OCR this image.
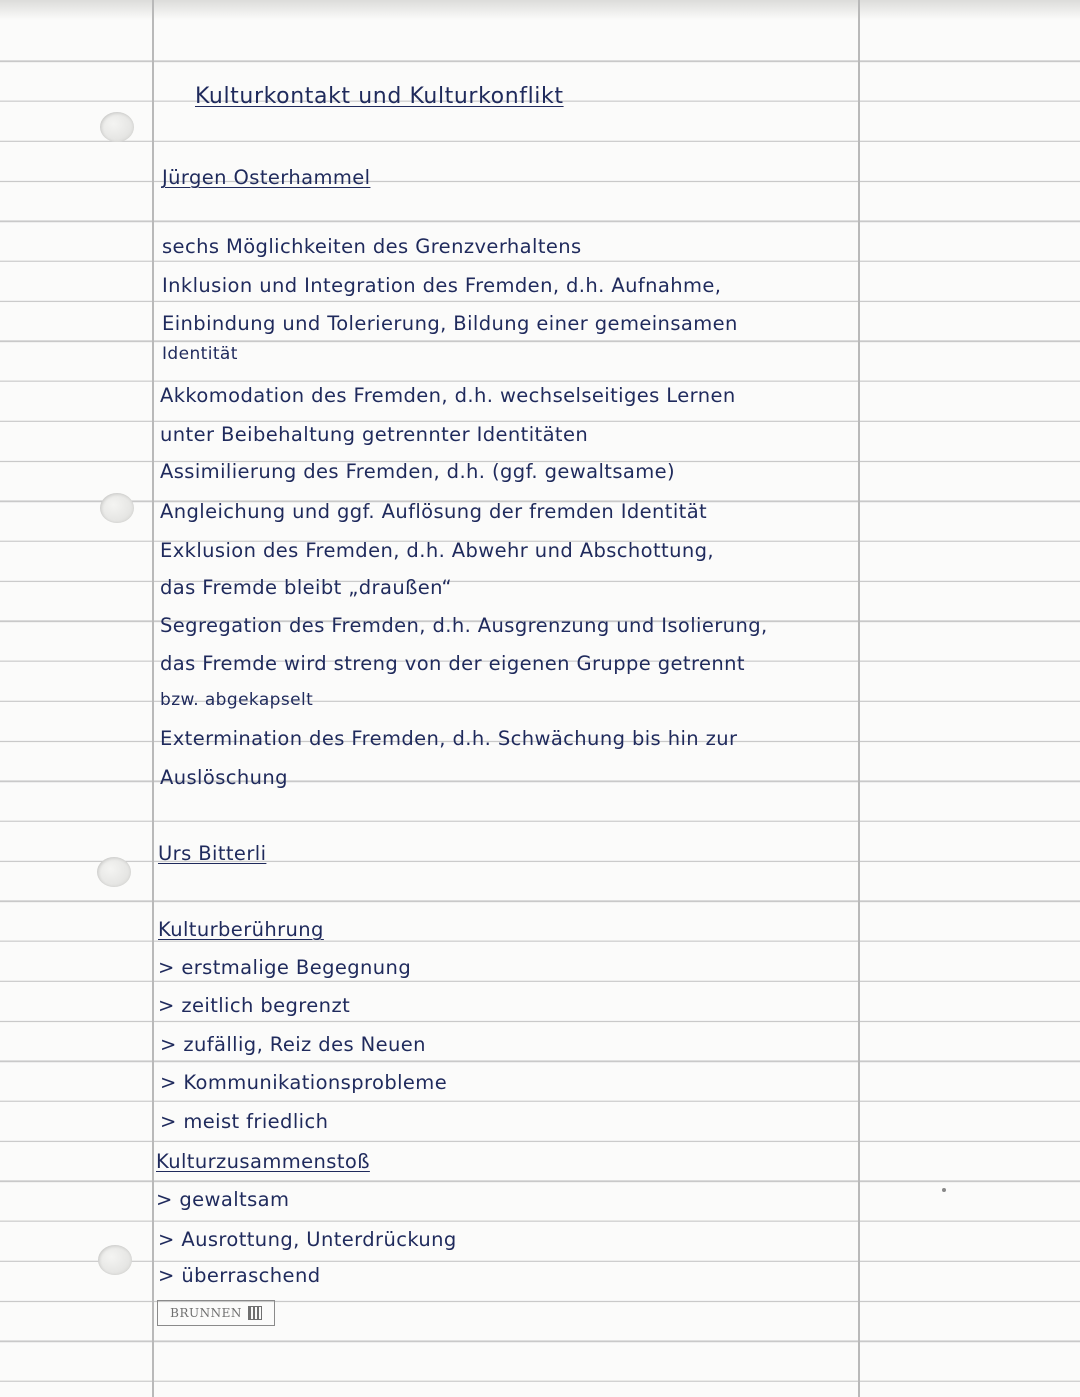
Kulturkontakt und Kulturkonflikt

Jürgen Osterhammel

sechs Möglichkeiten des Grenzverhaltens

Inklusion und Integration des Fremden, d.h. Aufnahme,

Einbindung und Tolerierung, Bildung einer gemeinsamen

Identität

Akkomodation des Fremden, d.h. wechselseitiges Lernen

unter Beibehaltung getrennter Identitäten

Assimilierung des Fremden, d.h. (ggf. gewaltsame)

Angleichung und ggf. Auflösung der fremden Identität

Exklusion des Fremden, d.h. Abwehr und Abschottung,

das Fremde bleibt „draußen“

Segregation des Fremden, d.h. Ausgrenzung und Isolierung,

das Fremde wird streng von der eigenen Gruppe getrennt

bzw. abgekapselt

Extermination des Fremden, d.h. Schwächung bis hin zur

Auslöschung

Urs Bitterli

Kulturberührung

> erstmalige Begegnung

> zeitlich begrenzt

> zufällig, Reiz des Neuen

> Kommunikationsprobleme

> meist friedlich

Kulturzusammenstoß

> gewaltsam

> Ausrottung, Unterdrückung

> überraschend

BRUNNEN
